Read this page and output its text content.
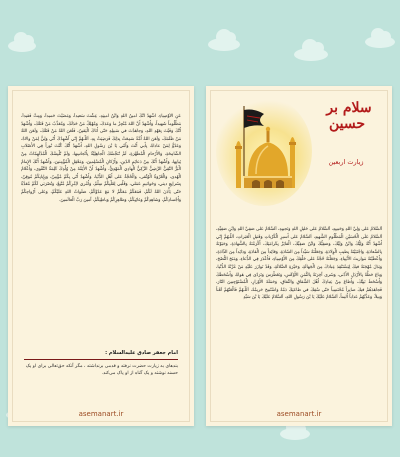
عَنِ الأَوْصِياءِ. أَشْهَدُ أَنَّكَ أَمينُ اللهِ وَابْنُ أَمينِهِ، عِشْتَ سَعيداً، وَمَضَيْتَ حَميداً، وَمِتَّ فَقيداً، مَظْلُوماً شَهيداً، وَأَشْهَدُ أَنَّ اللهَ مُنْجِزٌ ما وَعَدَكَ، وَمُهْلِكٌ مَنْ خَذَلَكَ، وَمُعَذِّبٌ مَنْ قَتَلَكَ، وَأَشْهَدُ أَنَّكَ وَفَيْتَ بِعَهْدِ اللهِ، وَجاهَدْتَ في سَبيلِهِ حَتّى أَتاكَ الْيَقينُ، فَلَعَنَ اللهُ مَنْ قَتَلَكَ، وَلَعَنَ اللهُ مَنْ ظَلَمَكَ، وَلَعَنَ اللهُ اُمَّةً سَمِعَتْ بِذلِكَ فَرَضِيَتْ بِهِ، اَللّـهُمَّ إِنّي اُشْهِدُكَ أَنّي وَلِيٌّ لِمَنْ والاهُ، وَعَدُوٌّ لِمَنْ عاداهُ، بِأَبي أَنْتَ وَاُمّي يَا بْنَ رَسُولِ اللهِ، أَشْهَدُ أَنَّكَ كُنْتَ نُوراً فِي الأَصْلابِ الشّامِخَةِ، وَالأَرْحامِ الْمُطَهَّرَةِ، لَمْ تُنَجِّسْكَ الْجاهِلِيَّةُ بِأَنْجاسِها، وَلَمْ تُلْبِسْكَ الْمُدْلَهِمّاتُ مِنْ ثِيابِها، وَأَشْهَدُ أَنَّكَ مِنْ دَعائِمِ الدّينِ، وَأَرْكانِ الْمُسْلِمينَ، وَمَعْقِلِ الْمُؤْمِنينَ، وَأَشْهَدُ أَنَّكَ الإِمامُ الْبَرُّ التَّقِيُّ الرَّضِيُّ الزَّكِيُّ الْهادِي الْمَهْدِيُّ، وَأَشْهَدُ أَنَّ الأَئِمَّةَ مِنْ وُلْدِكَ كَلِمَةُ التَّقْوى، وَأَعْلامُ الْهُدى، وَالْعُرْوَةُ الْوُثْقى، وَالْحُجَّةُ عَلى أَهْلِ الدُّنْيا، وَأَشْهَدُ أَنّي بِكُمْ مُؤْمِنٌ، وَبِإِيابِكُمْ مُوقِنٌ، بِشَرايِعِ ديني، وَخَواتيمِ عَمَلي، وَقَلْبي لِقَلْبِكُمْ سِلْمٌ، وَأَمْري لاَِمْرِكُمْ مُتَّبِعٌ، وَنُصْرَتي لَكُمْ مُعَدَّةٌ حَتّى يَأْذَنَ اللهُ لَكُمْ، فَمَعَكُمْ مَعَكُمْ لا مَعَ عَدُوِّكُمْ، صَلَواتُ اللهِ عَلَيْكُمْ، وَعَلى أَرْواحِكُمْ وَأَجْسادِكُمْ، وَشاهِدِكُمْ وَغائِبِكُمْ، وَظاهِرِكُمْ وَباطِنِكُمْ، آمينَ رَبَّ الْعالَمينَ.

امام جعفر صادق علیه‌السلام :

بندهای به زیارت حضرت نرفته و قدمی برنداشته ، مگر آنکه حق‌تعالی برای او یک حسنه نوشته و یک گناه از او پاک می‌کند.

asemanart.ir
سلام بر
حسین
زیارت اربعین

اَلسَّلامُ عَلى وَلِيِّ اللهِ وَحَبيبِهِ، اَلسَّلامُ عَلى خَليلِ اللهِ وَنَجيبِهِ، اَلسَّلامُ عَلى صَفِيِّ اللهِ وَابْنِ صَفِيِّهِ، اَلسَّلامُ عَلَى الْحُسَيْنِ الْمَظْلُومِ الشَّهيدِ، اَلسَّلامُ عَلى أَسيرِ الْكُرُباتِ وَقَتيلِ الْعَبَراتِ، اَللّـهُمَّ إِنّي أَشْهَدُ أَنَّهُ وَلِيُّكَ وَابْنُ وَلِيِّكَ، وَصَفِيُّكَ وَابْنُ صَفِيِّكَ، الْفائِزُ بِكَرامَتِكَ، أَكْرَمْتَهُ بِالشَّهادَةِ، وَحَبَوْتَهُ بِالسَّعادَةِ، وَاجْتَبَيْتَهُ بِطيبِ الْوِلادَةِ، وَجَعَلْتَهُ سَيِّداً مِنَ السّادَةِ، وَقائِداً مِنَ الْقادَةِ، وَذائِداً مِنَ الذّادَةِ، وَأَعْطَيْتَهُ مَواريثَ الأَنْبِياءِ، وَجَعَلْتَهُ حُجَّةً عَلى خَلْقِكَ مِنَ الأَوْصِياءِ، فَأَعْذَرَ فِي الدُّعاءِ، وَمَنَحَ النُّصْحَ، وَبَذَلَ مُهْجَتَهُ فيكَ لِيَسْتَنْقِذَ عِبادَكَ مِنَ الْجَهالَةِ، وَحَيْرَةِ الضَّلالَةِ، وَقَدْ تَوازَرَ عَلَيْهِ مَنْ غَرَّتْهُ الدُّنْيا، وَباعَ حَظَّهُ بِالأَرْذَلِ الأَدْنى، وَشَرى آخِرَتَهُ بِالثَّمَنِ الأَوْكَسِ، وَتَغَطْرَسَ وَتَرَدّى فِي هَواهُ، وَأَسْخَطَكَ وَأَسْخَطَ نَبِيَّكَ، وَأَطاعَ مِنْ عِبادِكَ أَهْلَ الشِّقاقِ وَالنِّفاقِ، وَحَمَلَةَ الأَوْزارِ، الْمُسْتَوْجِبينَ النّارَ، فَجاهَدَهُمْ فيكَ صابِراً مُحْتَسِباً حَتّى سُفِكَ في طاعَتِكَ دَمُهُ وَاسْتُبيحَ حَريمُهُ، اَللّـهُمَّ فَالْعَنْهُمْ لَعْناً وَبيلاً، وَعَذِّبْهُمْ عَذاباً أَليماً، اَلسَّلامُ عَلَيْكَ يَا بْنَ رَسُولِ اللهِ، اَلسَّلامُ عَلَيْكَ يَا بْنَ سَيِّدِ

asemanart.ir
